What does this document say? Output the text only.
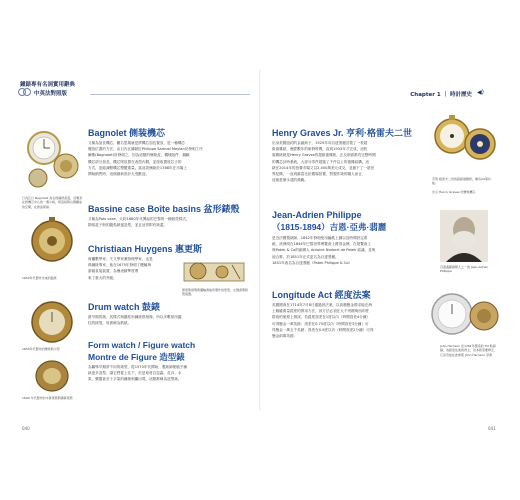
鐘錶專有名詞實用辭典
中英法對照版	Chapter 1 ｜ 時計歷史 ◀)
日內瓦以 Bagnolet 為名的鐘錶產量，這類是在錶機芯中心的一個小時，錶直接與右側圍成的空間，在錶盒尾端
1650年代製作出來的鼓錶
惠更斯發明與擺輪游絲所製作的原型，左側畫著錶殼裝置。
1650年代製作的懷錶與小型
1600 年代製作的木質錶殼與銅質錶殼
Bagnolet 侧装機芯
又稱為加長機芯，顯名思義就是將機芯加長置放，是一種機芯
擺放位置的方法，由日內瓦鐘錶匠Philippe Samuel Meylan於發明工序
爾斯(Bagnolet)所發明之，因為這類的懷錶盒，機械組件、鋼鐵
機芯部分加長，機芯則放置在表殼內側，並採取置放芯子的
方式，更能減輕機芯整體重量。當這款懷錶於1788年在市場上
開始銷售時，這個創新設計大受歡迎。
Bassine case Boîte basins 盆形錶殼
又稱為Pots case，大約1680年代興起的巴黎的一種錶殼樣式，
類似盆子般的圓弧錶邊造型，並且這常附有錶蓋。
Christiaan Huygens 惠更斯
荷蘭數學家、天文學家兼物理學家，也是
偉鐘錶專家，他在1675年發明了擺輪與
游絲直接裝置，為懷表精準度帶
來了重大的突破。
Drum watch 鼓錶
最早期的錶，其樣式與圓柱形鐘錶很相像，所以多數採用圓
柱的錶殼，故被稱為鼓錶。
Form watch / Figure watch
Montre de Figure 造型錶
為屬殊早期常不用的錶型，從1570年代開始，製錶師便賦予鐘
錶更多造型，讓它們從上往下，於是取材自昆蟲、花卉、水
果、樂器甚至十字架的鐘錶相繼出現，這類都稱為造型錶。
040
Henry Graves Jr. 亨利·格雷夫二世
出身美國紐約的金融鉅子，1925年向百達翡麗訂製了一枚超
級複雜錶，歷經數年的研發時間，直到1933年才完成，這枚
複雜錶就是Henry Graves的超級複雜錶，正反兩面都有完整時間
的機芯計時系統，大部分零件超過了千件以上的複雜結構。這
錶在2014年的拍賣市場又以2,400萬美元成交，並創下了一項世
界紀錄，一直到蘇富比拍賣場拍賣，對製作錶的職人而言，
這就是個永遠的典範。
Jean-Adrien Philippe
（1815-1894）吉恩·亞弗·翡麗
是近法國製錶師，1842年發明免用鑰匙上鍊以及時間設定系
統，該發明在1844年巴黎世界博覽會上獲得金牌，在展覽會上
與Patek & Co的創辦人 Antoine Norbert de Patek 結識，並與
他合夥，於1851年正式更名為百達翡麗。
1851年改名為百達翡麗（Patek Philippe & Co）
Longitude Act 經度法案
英國國會在1714年7月8日通過該法案，以高額懸金徵求能在海
上精確測量經度的實用方法，該方法必須在大不列顛與西印度
群島的航程上測試，若經度誤差在1度以內（時間誤差4分鐘）
可得懸金一萬英鎊；誤差在0.75度以內（時間誤差3分鐘）可
得懸金一萬五千英鎊；誤差在0.5度以內（時間誤差2分鐘）可得
懸金兩萬英鎊。
亨利·格雷夫二世的超級複雜錶，擁有24項功能。
出示 Henry Graves 的懷錶機芯
百達翡麗創辦人之一的 Jean-Adrien Philippe
John Harrison 在1761年製造的 H4 航海鐘，為經度法案的得主，但本錶需要修正，它是否能在此參照 John Harrison 學會
041
